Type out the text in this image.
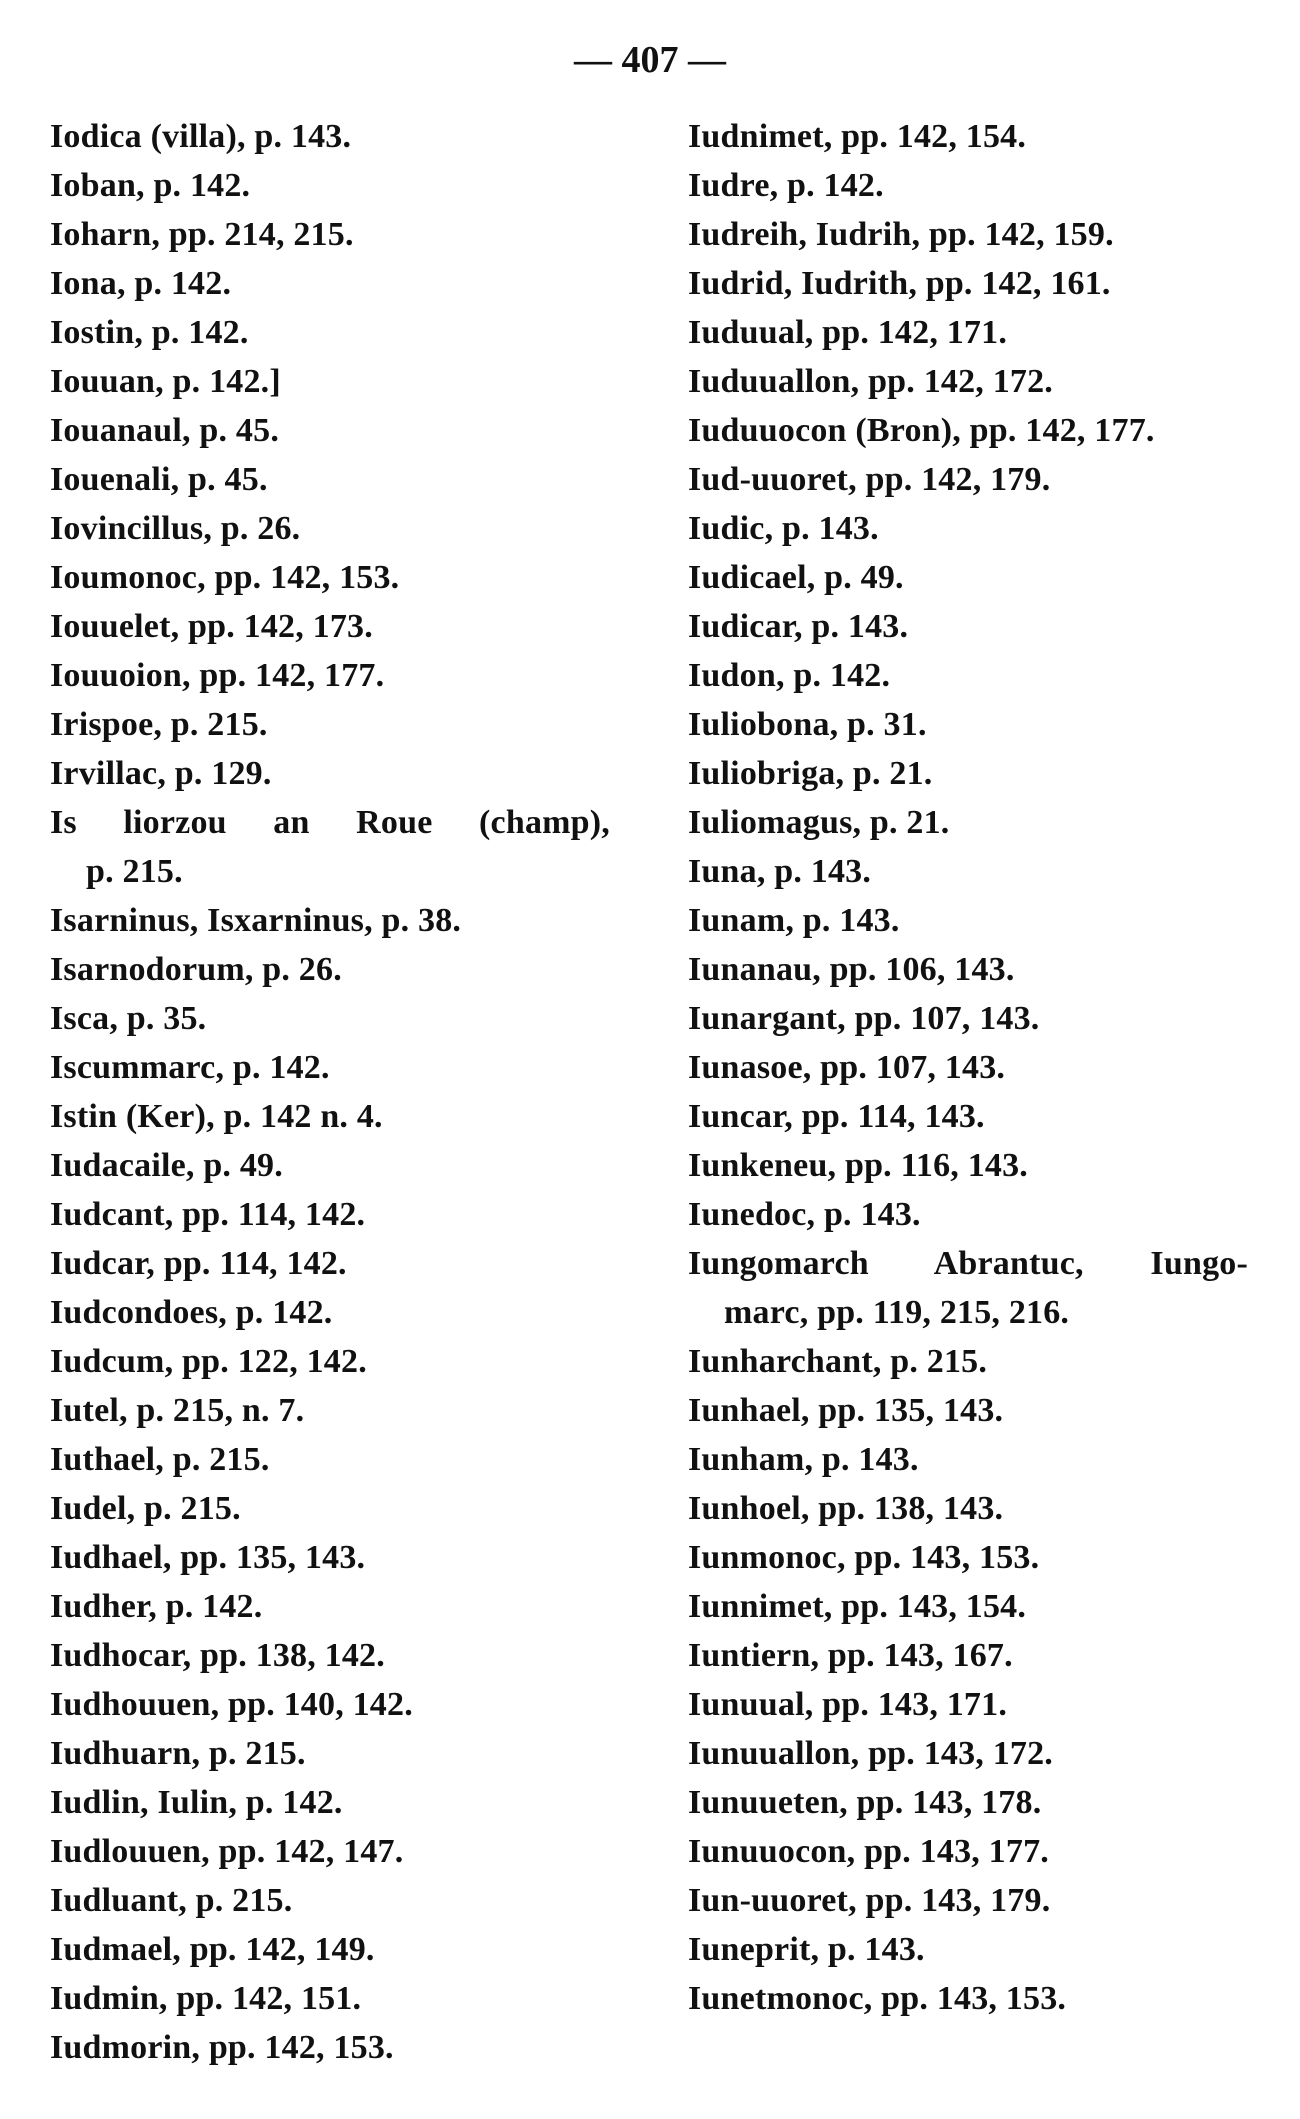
— 407 —
Iodica (villa), p. 143.
Ioban, p. 142.
Ioharn, pp. 214, 215.
Iona, p. 142.
Iostin, p. 142.
Iouuan, p. 142.]
Iouanaul, p. 45.
Iouenali, p. 45.
Iovincillus, p. 26.
Ioumonoc, pp. 142, 153.
Iouuelet, pp. 142, 173.
Iouuoion, pp. 142, 177.
Irispoe, p. 215.
Irvillac, p. 129.
Is liorzou an Roue (champ),
p. 215.
Isarninus, Isxarninus, p. 38.
Isarnodorum, p. 26.
Isca, p. 35.
Iscummarc, p. 142.
Istin (Ker), p. 142 n. 4.
Iudacaile, p. 49.
Iudcant, pp. 114, 142.
Iudcar, pp. 114, 142.
Iudcondoes, p. 142.
Iudcum, pp. 122, 142.
Iutel, p. 215, n. 7.
Iuthael, p. 215.
Iudel, p. 215.
Iudhael, pp. 135, 143.
Iudher, p. 142.
Iudhocar, pp. 138, 142.
Iudhouuen, pp. 140, 142.
Iudhuarn, p. 215.
Iudlin, Iulin, p. 142.
Iudlouuen, pp. 142, 147.
Iudluant, p. 215.
Iudmael, pp. 142, 149.
Iudmin, pp. 142, 151.
Iudmorin, pp. 142, 153.
Iudnimet, pp. 142, 154.
Iudre, p. 142.
Iudreih, Iudrih, pp. 142, 159.
Iudrid, Iudrith, pp. 142, 161.
Iuduual, pp. 142, 171.
Iuduuallon, pp. 142, 172.
Iuduuocon (Bron), pp. 142, 177.
Iud-uuoret, pp. 142, 179.
Iudic, p. 143.
Iudicael, p. 49.
Iudicar, p. 143.
Iudon, p. 142.
Iuliobona, p. 31.
Iuliobriga, p. 21.
Iuliomagus, p. 21.
Iuna, p. 143.
Iunam, p. 143.
Iunanau, pp. 106, 143.
Iunargant, pp. 107, 143.
Iunasoe, pp. 107, 143.
Iuncar, pp. 114, 143.
Iunkeneu, pp. 116, 143.
Iunedoc, p. 143.
Iungomarch Abrantuc, Iungo-
marc, pp. 119, 215, 216.
Iunharchant, p. 215.
Iunhael, pp. 135, 143.
Iunham, p. 143.
Iunhoel, pp. 138, 143.
Iunmonoc, pp. 143, 153.
Iunnimet, pp. 143, 154.
Iuntiern, pp. 143, 167.
Iunuual, pp. 143, 171.
Iunuuallon, pp. 143, 172.
Iunuueten, pp. 143, 178.
Iunuuocon, pp. 143, 177.
Iun-uuoret, pp. 143, 179.
Iuneprit, p. 143.
Iunetmonoc, pp. 143, 153.
